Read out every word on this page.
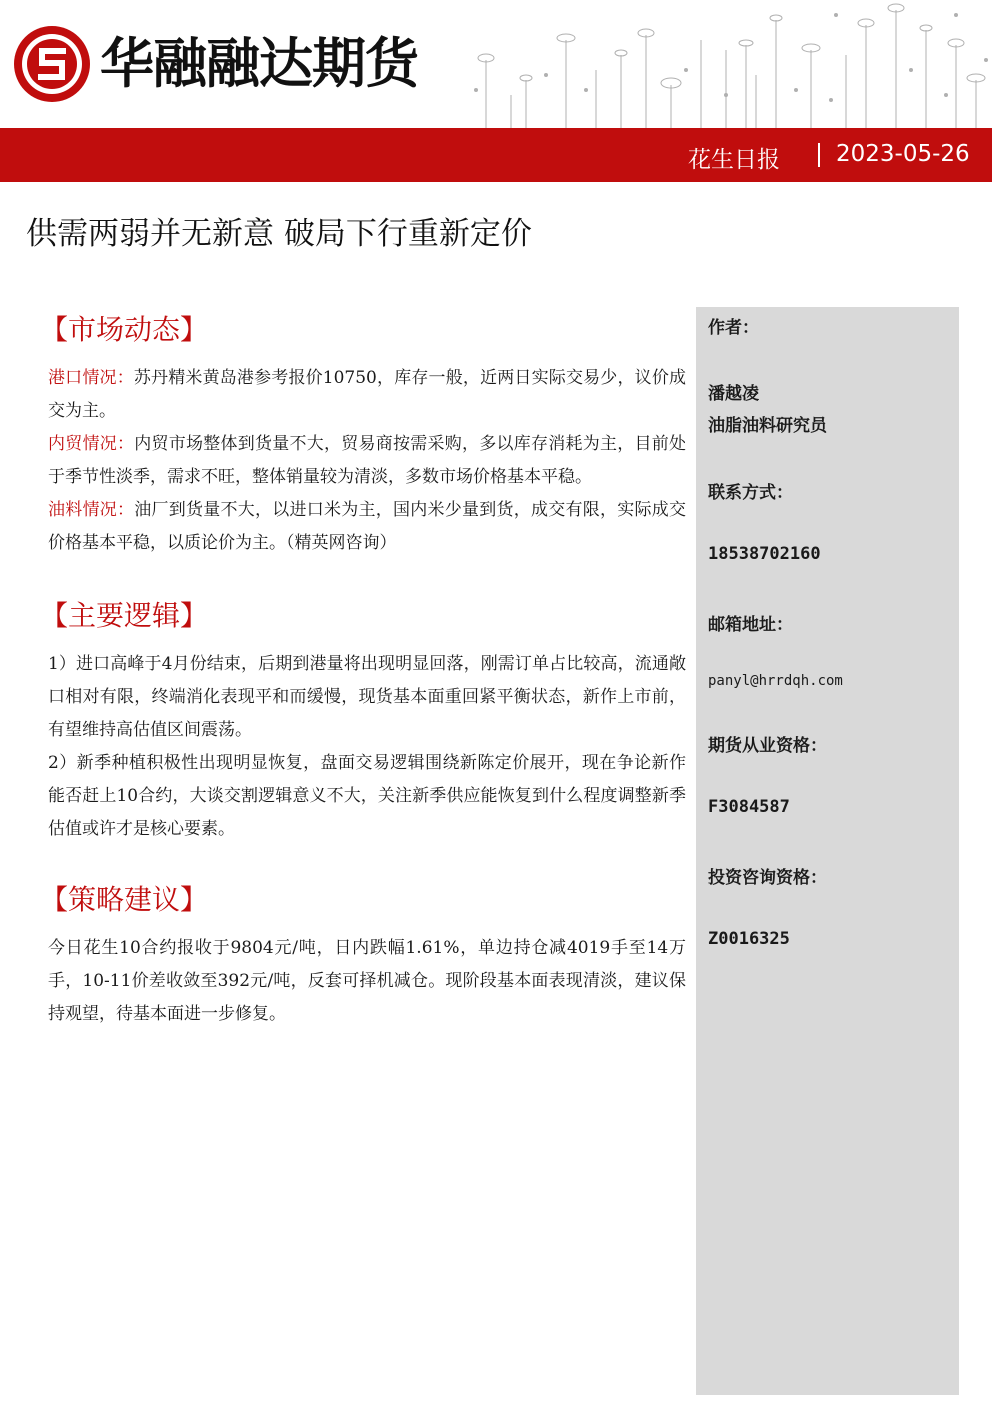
华融融达期货
花生日报 2023-05-26
供需两弱并无新意 破局下行重新定价
【市场动态】

港口情况：苏丹精米黄岛港参考报价10750，库存一般，近两日实际交易少，议价成交为主。

内贸情况：内贸市场整体到货量不大，贸易商按需采购，多以库存消耗为主，目前处于季节性淡季，需求不旺，整体销量较为清淡，多数市场价格基本平稳。

油料情况：油厂到货量不大，以进口米为主，国内米少量到货，成交有限，实际成交价格基本平稳，以质论价为主。（精英网咨询）

【主要逻辑】

1）进口高峰于4月份结束，后期到港量将出现明显回落，刚需订单占比较高，流通敞口相对有限，终端消化表现平和而缓慢，现货基本面重回紧平衡状态，新作上市前，有望维持高估值区间震荡。

2）新季种植积极性出现明显恢复，盘面交易逻辑围绕新陈定价展开，现在争论新作能否赶上10合约，大谈交割逻辑意义不大，关注新季供应能恢复到什么程度调整新季估值或许才是核心要素。

【策略建议】

今日花生10合约报收于9804元/吨，日内跌幅1.61%，单边持仓减4019手至14万手，10-11价差收敛至392元/吨，反套可择机减仓。现阶段基本面表现清淡，建议保持观望，待基本面进一步修复。

作者：
潘越凌
油脂油料研究员
联系方式：
18538702160
邮箱地址：
panyl@hrrdqh.com
期货从业资格：
F3084587
投资咨询资格：
Z0016325
